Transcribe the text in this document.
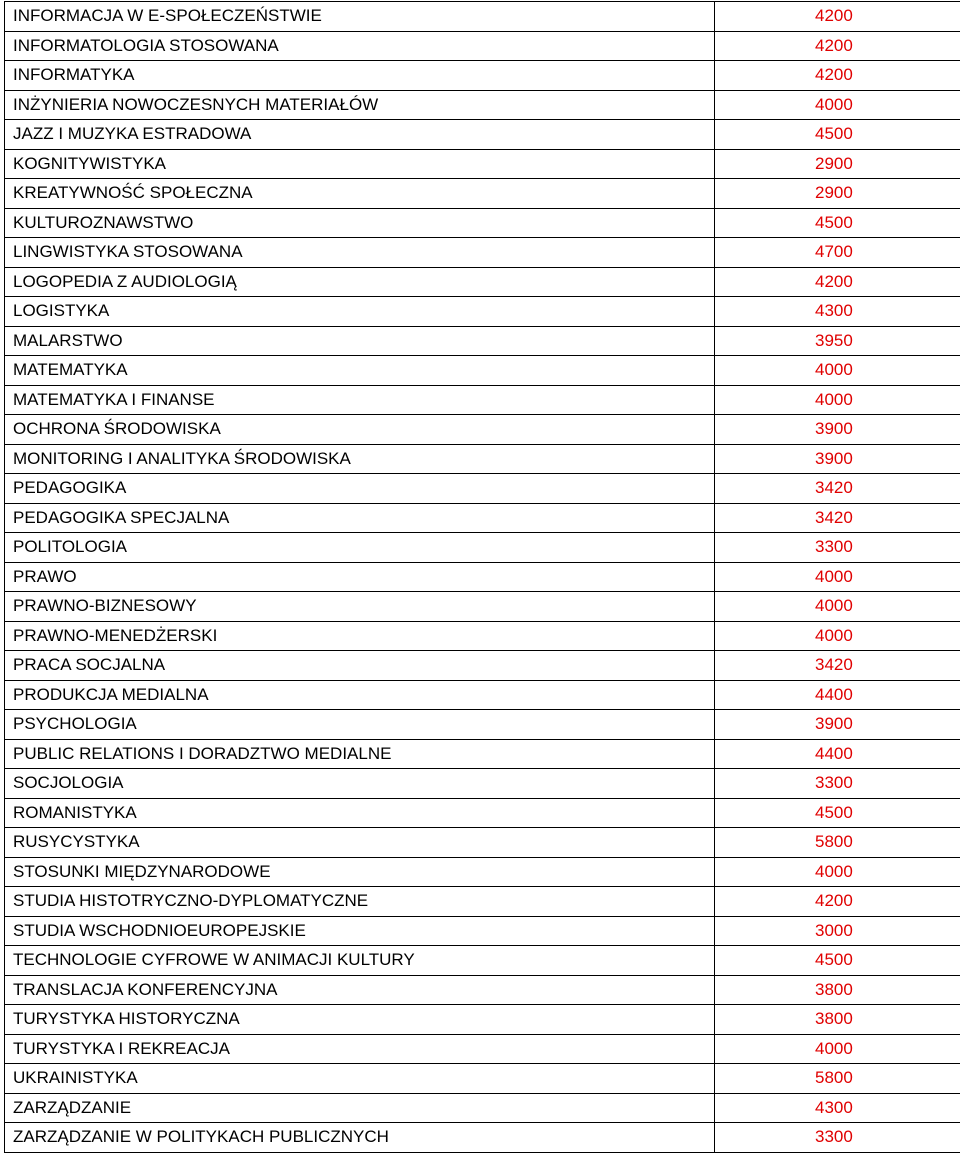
INFORMACJA W E-SPOŁECZEŃSTWIE	4200
INFORMATOLOGIA STOSOWANA	4200
INFORMATYKA	4200
INŻYNIERIA NOWOCZESNYCH MATERIAŁÓW	4000
JAZZ I MUZYKA ESTRADOWA	4500
KOGNITYWISTYKA	2900
KREATYWNOŚĆ SPOŁECZNA	2900
KULTUROZNAWSTWO	4500
LINGWISTYKA STOSOWANA	4700
LOGOPEDIA Z AUDIOLOGIĄ	4200
LOGISTYKA	4300
MALARSTWO	3950
MATEMATYKA	4000
MATEMATYKA I FINANSE	4000
OCHRONA ŚRODOWISKA	3900
MONITORING I ANALITYKA ŚRODOWISKA	3900
PEDAGOGIKA	3420
PEDAGOGIKA SPECJALNA	3420
POLITOLOGIA	3300
PRAWO	4000
PRAWNO-BIZNESOWY	4000
PRAWNO-MENEDŻERSKI	4000
PRACA SOCJALNA	3420
PRODUKCJA MEDIALNA	4400
PSYCHOLOGIA	3900
PUBLIC RELATIONS I DORADZTWO MEDIALNE	4400
SOCJOLOGIA	3300
ROMANISTYKA	4500
RUSYCYSTYKA	5800
STOSUNKI MIĘDZYNARODOWE	4000
STUDIA HISTOTRYCZNO-DYPLOMATYCZNE	4200
STUDIA WSCHODNIOEUROPEJSKIE	3000
TECHNOLOGIE CYFROWE W ANIMACJI KULTURY	4500
TRANSLACJA KONFERENCYJNA	3800
TURYSTYKA HISTORYCZNA	3800
TURYSTYKA I REKREACJA	4000
UKRAINISTYKA	5800
ZARZĄDZANIE	4300
ZARZĄDZANIE W POLITYKACH PUBLICZNYCH	3300
